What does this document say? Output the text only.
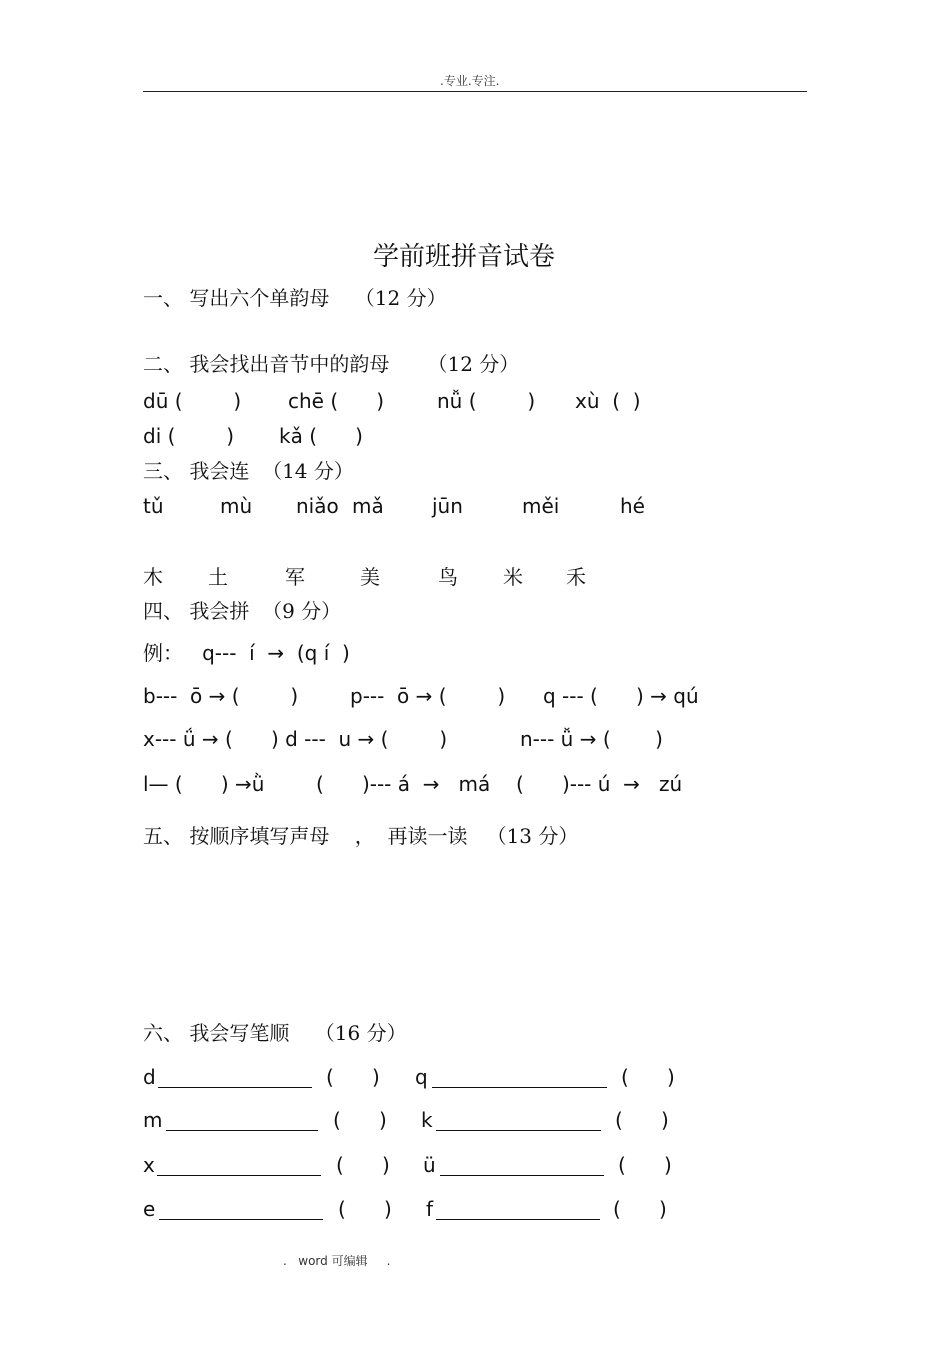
.专业.专注.
学前班拼音试卷
一、 写出六个单韵母    （12 分）
二、 我会找出音节中的韵母      （12 分）
dū (        ) chē (      )	nǚ (        ) xù  (  )
di (        ) kǎ (      )
三、 我会连  （14 分）
tǔ	mù niǎo mǎ jūn	měi	hé
木 土	军	美	鸟 米 禾
四、 我会拼  （9 分）
例：   q---  í  →  (q í  )
b---  ō → (        )	p---  ō → (        ) q --- (      ) → qú
x--- ǘ → (      ) d ---  u → (        )	n--- ǚ → (       )
l— (      ) →ǜ	(      )--- á  →   má (      )--- ú  →   zú
五、 按顺序填写声母    ，  再读一读   （13 分）
六、 我会写笔顺    （16 分）
d	(      ) q	(      )
m	(      ) k	(      )
x	(      ) ü	(      )
e	(      ) f	(      )
.   word 可编辑     .
